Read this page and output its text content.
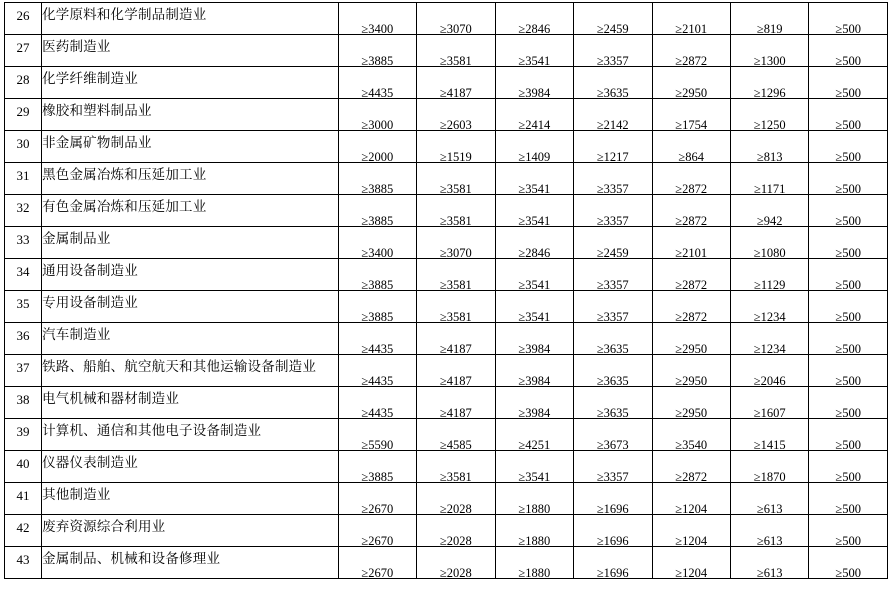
26	化学原料和化学制品制造业	≥3400	≥3070	≥2846	≥2459	≥2101	≥819	≥500

27	医药制造业	≥3885	≥3581	≥3541	≥3357	≥2872	≥1300	≥500

28	化学纤维制造业	≥4435	≥4187	≥3984	≥3635	≥2950	≥1296	≥500

29	橡胶和塑料制品业	≥3000	≥2603	≥2414	≥2142	≥1754	≥1250	≥500

30	非金属矿物制品业	≥2000	≥1519	≥1409	≥1217	≥864	≥813	≥500

31	黑色金属冶炼和压延加工业	≥3885	≥3581	≥3541	≥3357	≥2872	≥1171	≥500

32	有色金属冶炼和压延加工业	≥3885	≥3581	≥3541	≥3357	≥2872	≥942	≥500

33	金属制品业	≥3400	≥3070	≥2846	≥2459	≥2101	≥1080	≥500

34	通用设备制造业	≥3885	≥3581	≥3541	≥3357	≥2872	≥1129	≥500

35	专用设备制造业	≥3885	≥3581	≥3541	≥3357	≥2872	≥1234	≥500

36	汽车制造业	≥4435	≥4187	≥3984	≥3635	≥2950	≥1234	≥500

37	铁路、船舶、航空航天和其他运输设备制造业	≥4435	≥4187	≥3984	≥3635	≥2950	≥2046	≥500

38	电气机械和器材制造业	≥4435	≥4187	≥3984	≥3635	≥2950	≥1607	≥500

39	计算机、通信和其他电子设备制造业	≥5590	≥4585	≥4251	≥3673	≥3540	≥1415	≥500

40	仪器仪表制造业	≥3885	≥3581	≥3541	≥3357	≥2872	≥1870	≥500

41	其他制造业	≥2670	≥2028	≥1880	≥1696	≥1204	≥613	≥500

42	废弃资源综合利用业	≥2670	≥2028	≥1880	≥1696	≥1204	≥613	≥500

43	金属制品、机械和设备修理业	≥2670	≥2028	≥1880	≥1696	≥1204	≥613	≥500
